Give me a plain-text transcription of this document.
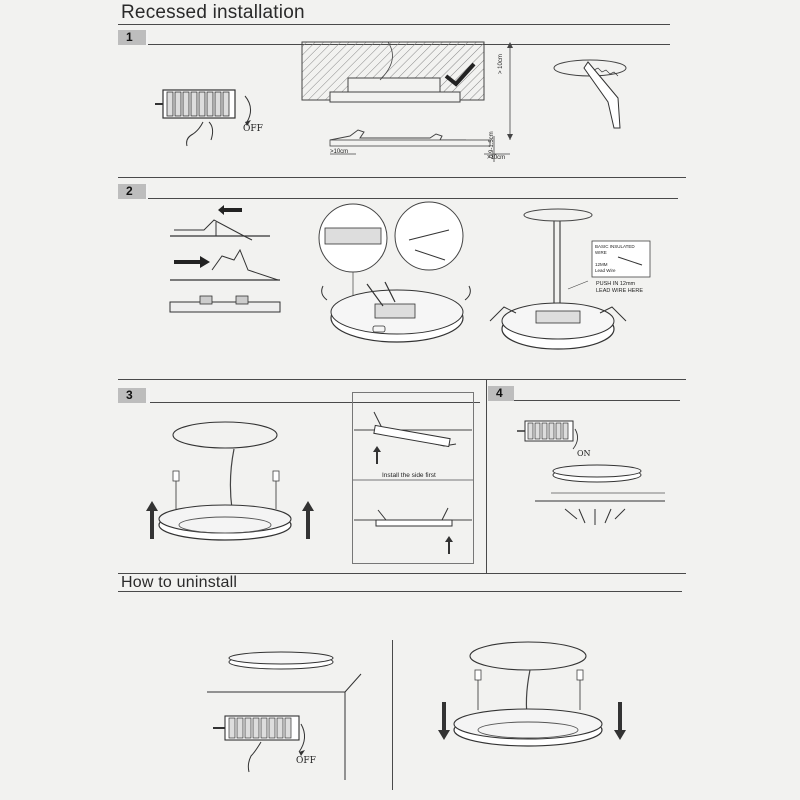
Recessed installation
1
OFF
> 10cm
0.9-1.5cm
>10cm
>10cm
2
BASIC INSULATED
WIRE
12MM
Lead Wire
PUSH IN 12mm
LEAD WIRE HERE
3	4
Install the side first
ON
How to uninstall
OFF
